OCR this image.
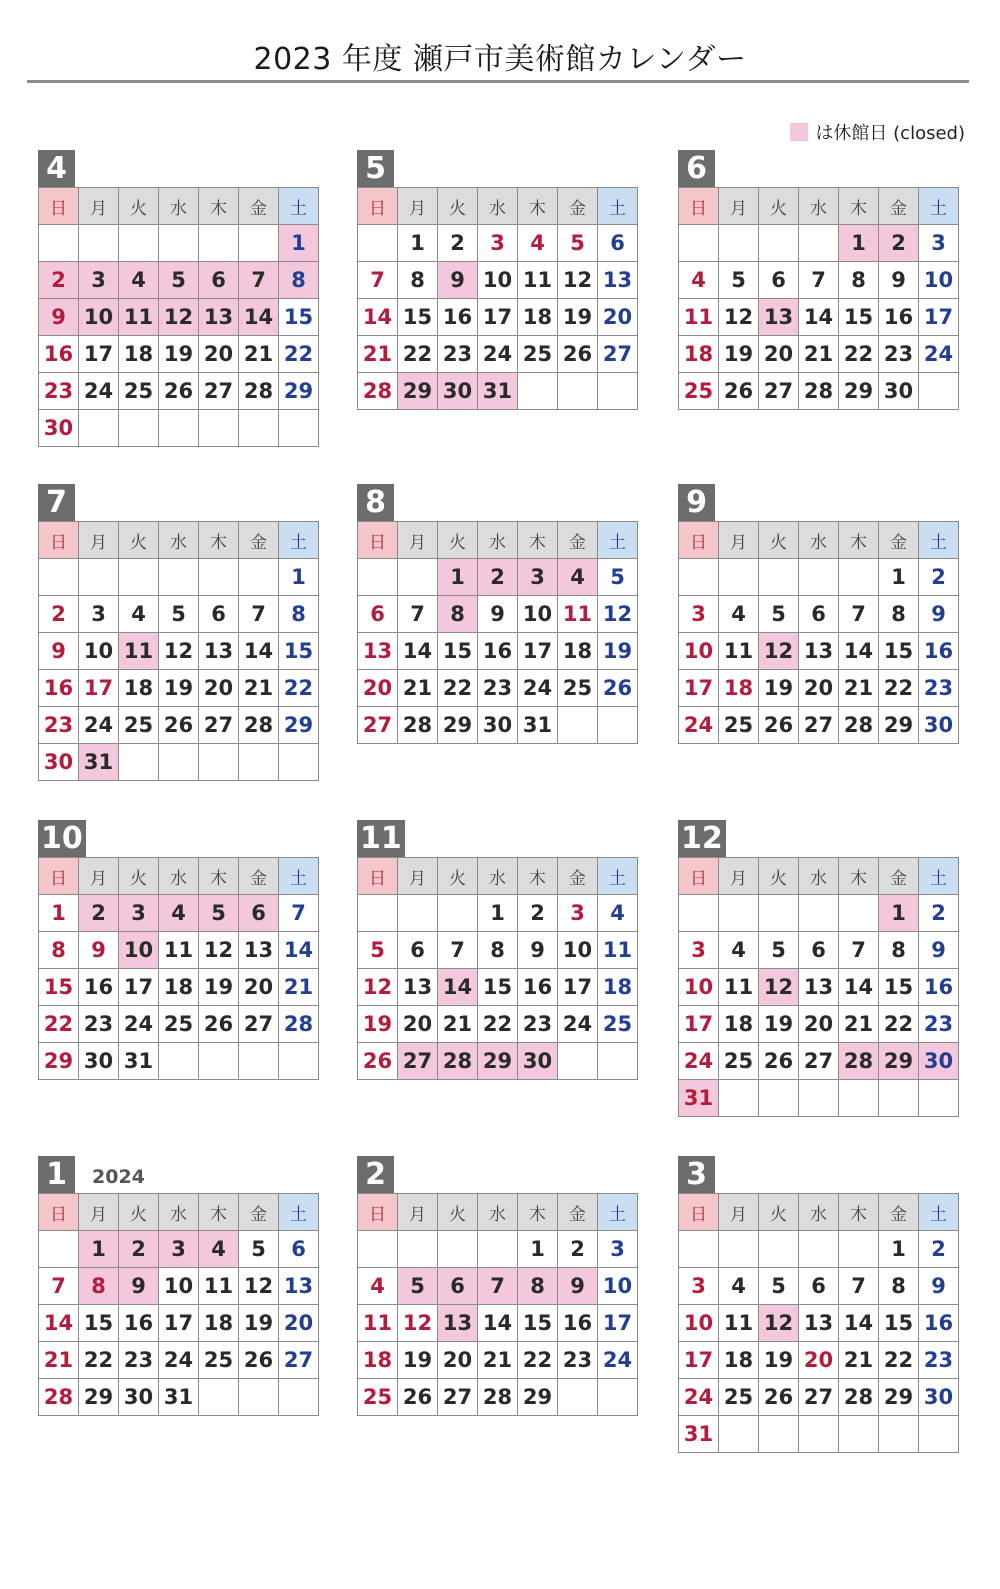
2023 年度 瀬戸市美術館カレンダー
は休館日 (closed)
4
日	月	火	水	木	金	土
						1
2	3	4	5	6	7	8
9	10	11	12	13	14	15
16	17	18	19	20	21	22
23	24	25	26	27	28	29
30						
5
日	月	火	水	木	金	土
	1	2	3	4	5	6
7	8	9	10	11	12	13
14	15	16	17	18	19	20
21	22	23	24	25	26	27
28	29	30	31			
6
日	月	火	水	木	金	土
				1	2	3
4	5	6	7	8	9	10
11	12	13	14	15	16	17
18	19	20	21	22	23	24
25	26	27	28	29	30	
7
日	月	火	水	木	金	土
						1
2	3	4	5	6	7	8
9	10	11	12	13	14	15
16	17	18	19	20	21	22
23	24	25	26	27	28	29
30	31					
8
日	月	火	水	木	金	土
		1	2	3	4	5
6	7	8	9	10	11	12
13	14	15	16	17	18	19
20	21	22	23	24	25	26
27	28	29	30	31		
9
日	月	火	水	木	金	土
					1	2
3	4	5	6	7	8	9
10	11	12	13	14	15	16
17	18	19	20	21	22	23
24	25	26	27	28	29	30
10
日	月	火	水	木	金	土
1	2	3	4	5	6	7
8	9	10	11	12	13	14
15	16	17	18	19	20	21
22	23	24	25	26	27	28
29	30	31				
11
日	月	火	水	木	金	土
			1	2	3	4
5	6	7	8	9	10	11
12	13	14	15	16	17	18
19	20	21	22	23	24	25
26	27	28	29	30		
12
日	月	火	水	木	金	土
					1	2
3	4	5	6	7	8	9
10	11	12	13	14	15	16
17	18	19	20	21	22	23
24	25	26	27	28	29	30
31						
1	2024
日	月	火	水	木	金	土
	1	2	3	4	5	6
7	8	9	10	11	12	13
14	15	16	17	18	19	20
21	22	23	24	25	26	27
28	29	30	31			
2
日	月	火	水	木	金	土
				1	2	3
4	5	6	7	8	9	10
11	12	13	14	15	16	17
18	19	20	21	22	23	24
25	26	27	28	29		
3
日	月	火	水	木	金	土
					1	2
3	4	5	6	7	8	9
10	11	12	13	14	15	16
17	18	19	20	21	22	23
24	25	26	27	28	29	30
31						
